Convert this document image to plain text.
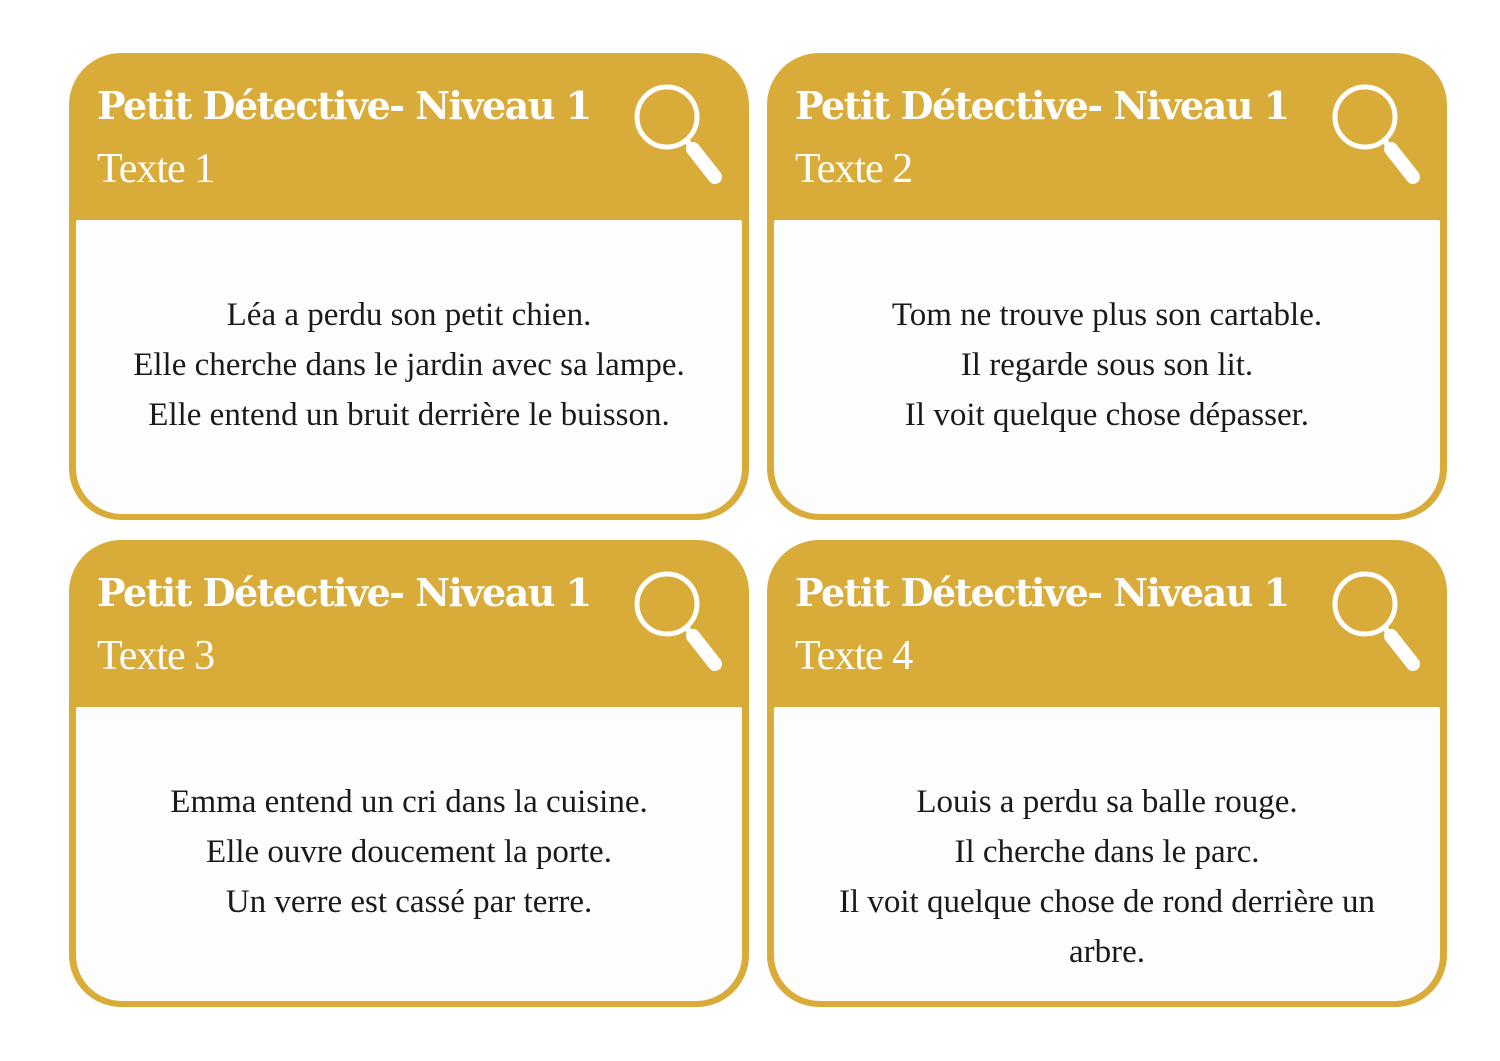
Petit Détective- Niveau 1
Texte 1

Léa a perdu son petit chien.
Elle cherche dans le jardin avec sa lampe.
Elle entend un bruit derrière le buisson.

Petit Détective- Niveau 1
Texte 2

Tom ne trouve plus son cartable.
Il regarde sous son lit.
Il voit quelque chose dépasser.

Petit Détective- Niveau 1
Texte 3

Emma entend un cri dans la cuisine.
Elle ouvre doucement la porte.
Un verre est cassé par terre.

Petit Détective- Niveau 1
Texte 4

Louis a perdu sa balle rouge.
Il cherche dans le parc.
Il voit quelque chose de rond derrière un arbre.
